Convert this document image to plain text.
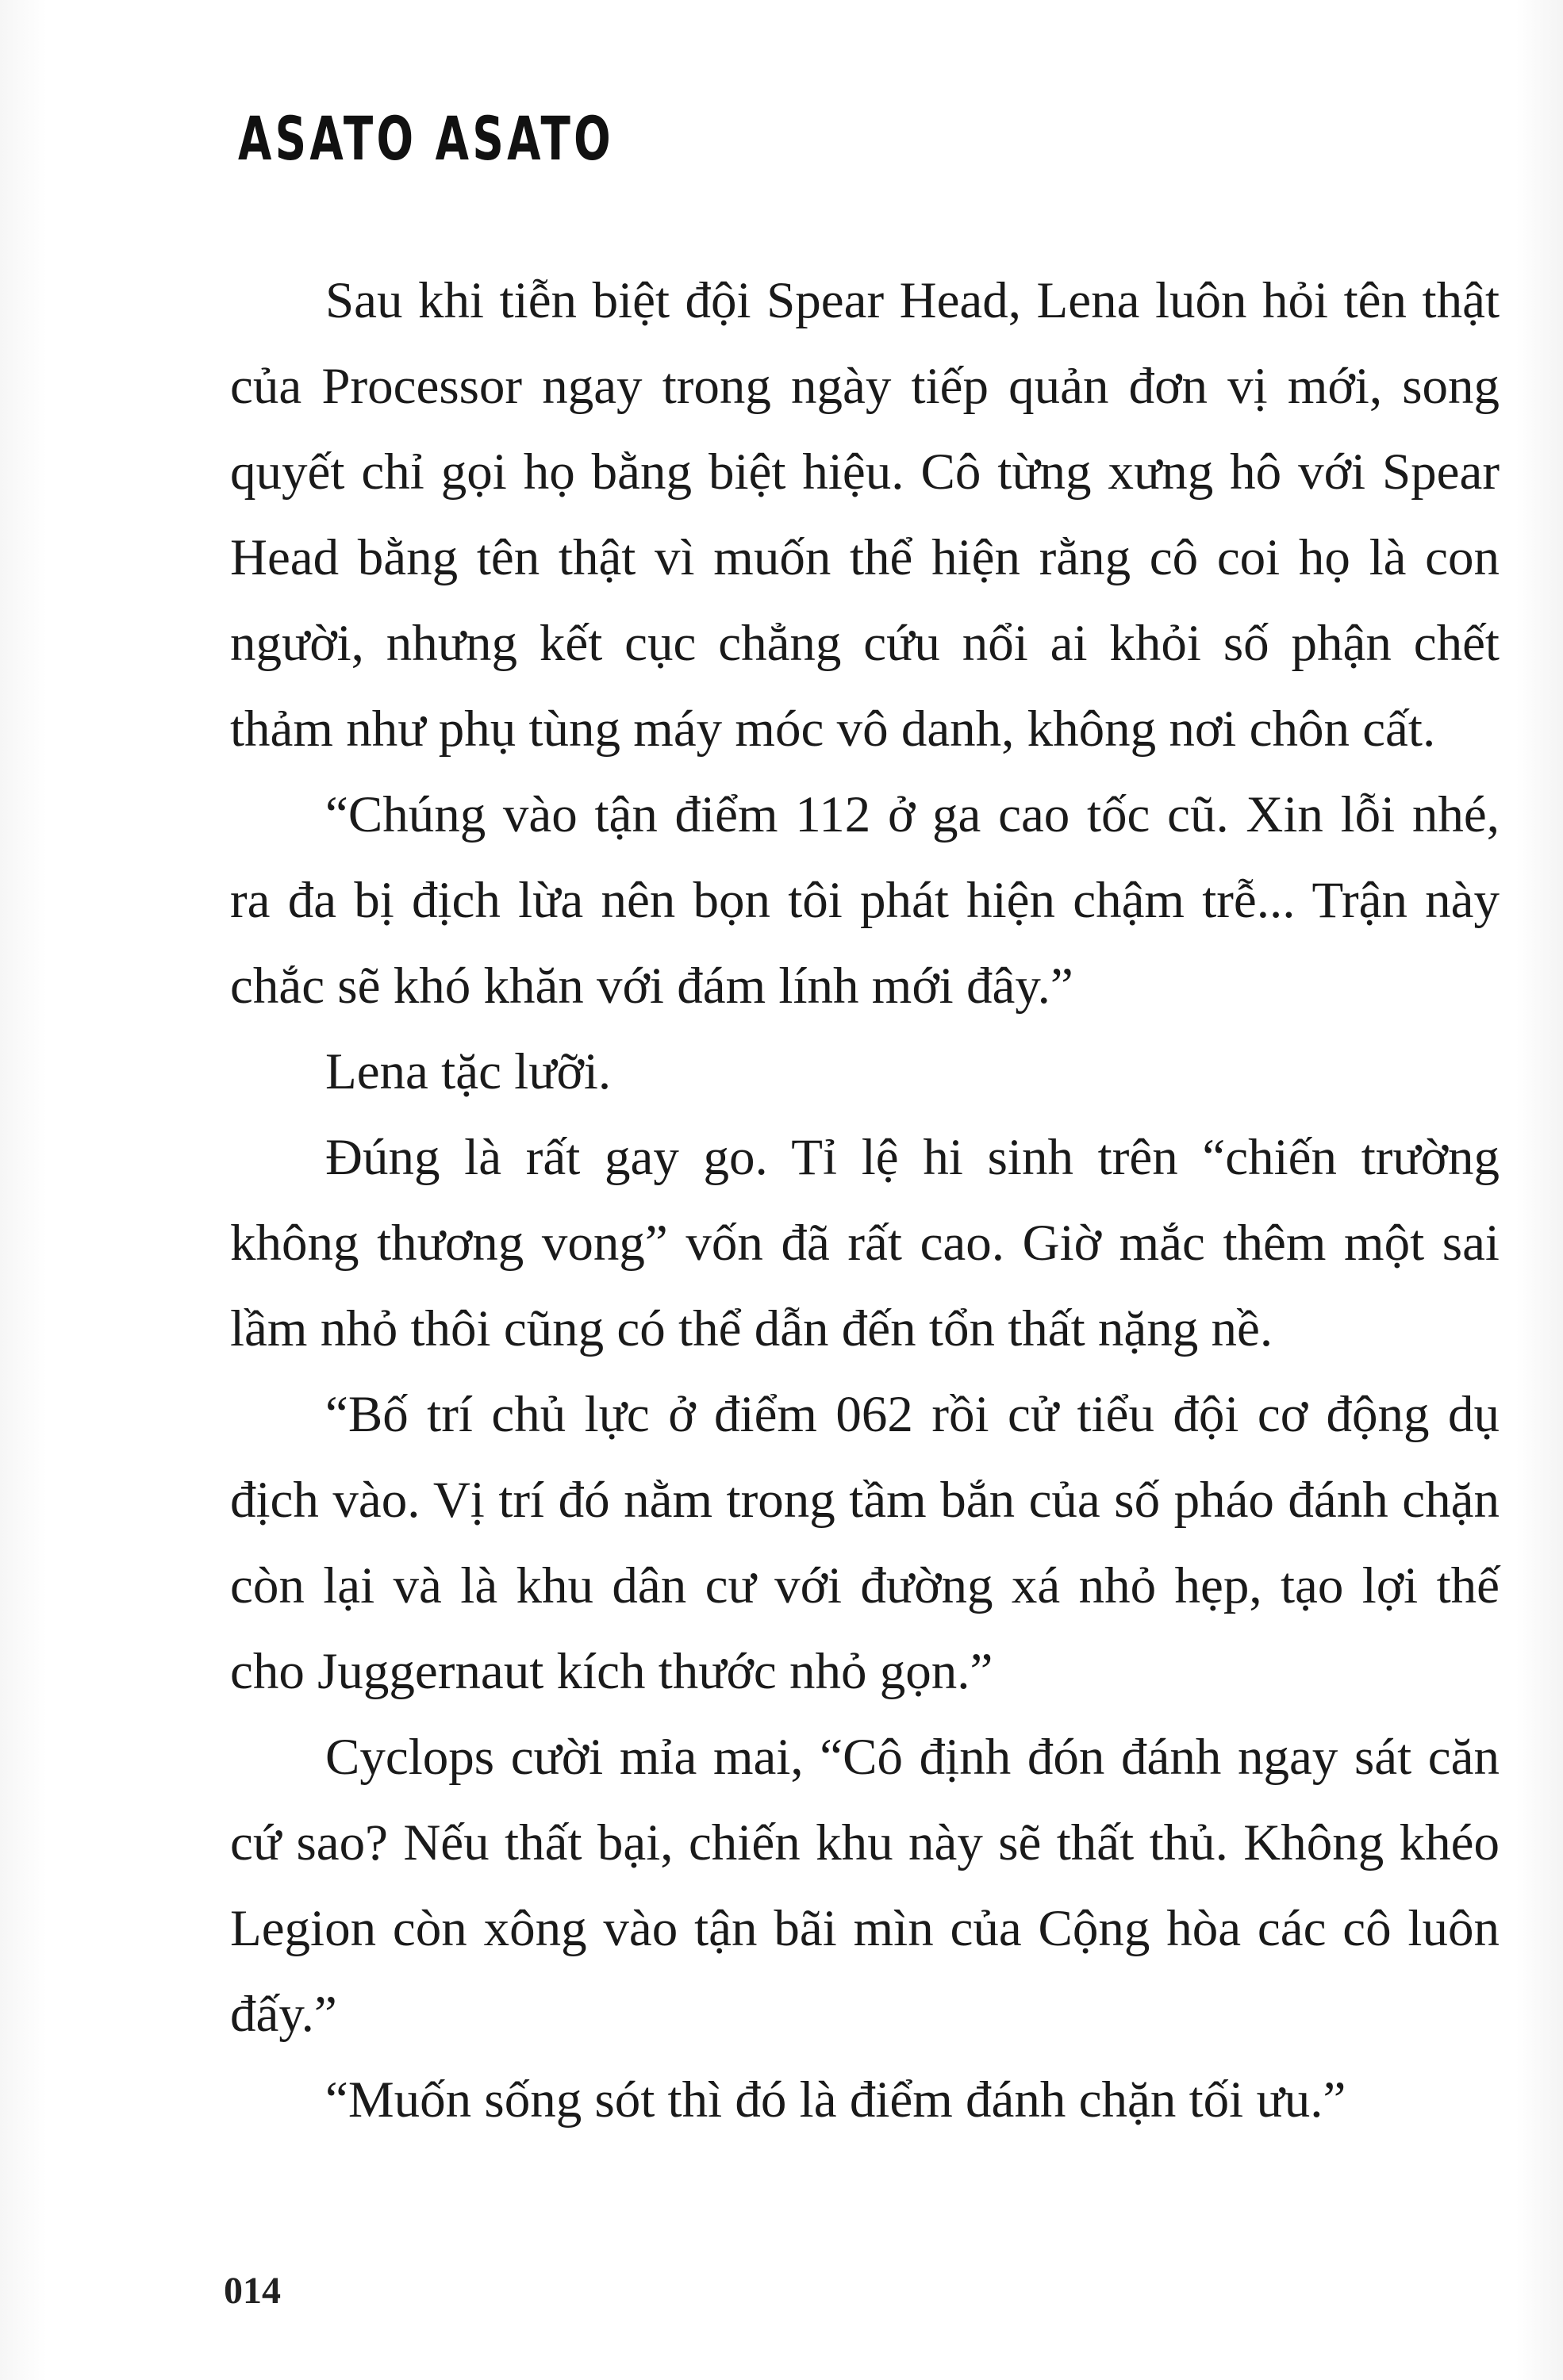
ASATO ASATO

Sau khi tiễn biệt đội Spear Head, Lena luôn hỏi tên thật của Processor ngay trong ngày tiếp quản đơn vị mới, song quyết chỉ gọi họ bằng biệt hiệu. Cô từng xưng hô với Spear Head bằng tên thật vì muốn thể hiện rằng cô coi họ là con người, nhưng kết cục chẳng cứu nổi ai khỏi số phận chết thảm như phụ tùng máy móc vô danh, không nơi chôn cất.

“Chúng vào tận điểm 112 ở ga cao tốc cũ. Xin lỗi nhé, ra đa bị địch lừa nên bọn tôi phát hiện chậm trễ... Trận này chắc sẽ khó khăn với đám lính mới đây.”

Lena tặc lưỡi.

Đúng là rất gay go. Tỉ lệ hi sinh trên “chiến trường không thương vong” vốn đã rất cao. Giờ mắc thêm một sai lầm nhỏ thôi cũng có thể dẫn đến tổn thất nặng nề.

“Bố trí chủ lực ở điểm 062 rồi cử tiểu đội cơ động dụ địch vào. Vị trí đó nằm trong tầm bắn của số pháo đánh chặn còn lại và là khu dân cư với đường xá nhỏ hẹp, tạo lợi thế cho Juggernaut kích thước nhỏ gọn.”

Cyclops cười mỉa mai, “Cô định đón đánh ngay sát căn cứ sao? Nếu thất bại, chiến khu này sẽ thất thủ. Không khéo Legion còn xông vào tận bãi mìn của Cộng hòa các cô luôn đấy.”

“Muốn sống sót thì đó là điểm đánh chặn tối ưu.”

014
